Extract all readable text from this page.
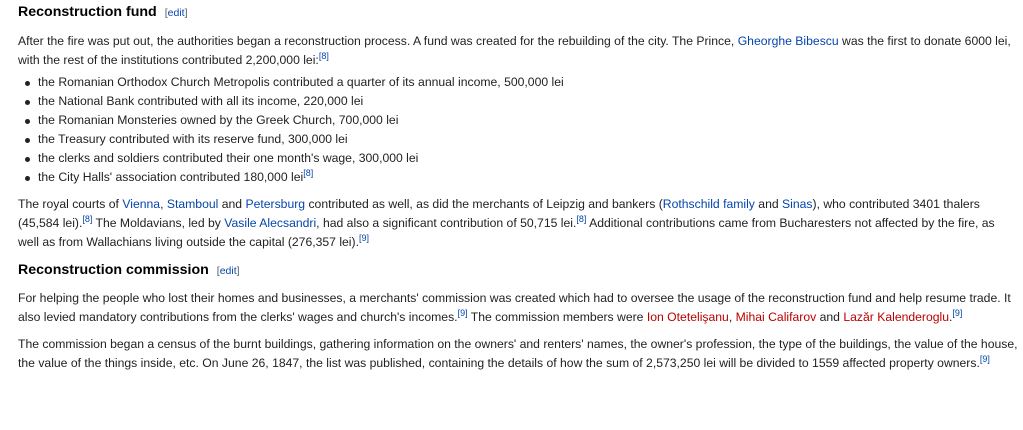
Reconstruction fund [edit]

After the fire was put out, the authorities began a reconstruction process. A fund was created for the rebuilding of the city. The Prince, Gheorghe Bibescu was the first to donate 6000 lei, with the rest of the institutions contributed 2,200,000 lei:[8]

the Romanian Orthodox Church Metropolis contributed a quarter of its annual income, 500,000 lei
the National Bank contributed with all its income, 220,000 lei
the Romanian Monsteries owned by the Greek Church, 700,000 lei
the Treasury contributed with its reserve fund, 300,000 lei
the clerks and soldiers contributed their one month's wage, 300,000 lei
the City Halls' association contributed 180,000 lei[8]

The royal courts of Vienna, Stamboul and Petersburg contributed as well, as did the merchants of Leipzig and bankers (Rothschild family and Sinas), who contributed 3401 thalers (45,584 lei).[8] The Moldavians, led by Vasile Alecsandri, had also a significant contribution of 50,715 lei.[8] Additional contributions came from Bucharesters not affected by the fire, as well as from Wallachians living outside the capital (276,357 lei).[9]

Reconstruction commission [edit]

For helping the people who lost their homes and businesses, a merchants' commission was created which had to oversee the usage of the reconstruction fund and help resume trade. It also levied mandatory contributions from the clerks' wages and church's incomes.[9] The commission members were Ion Otetelişanu, Mihai Califarov and Lazăr Kalenderoglu.[9]

The commission began a census of the burnt buildings, gathering information on the owners' and renters' names, the owner's profession, the type of the buildings, the value of the house, the value of the things inside, etc. On June 26, 1847, the list was published, containing the details of how the sum of 2,573,250 lei will be divided to 1559 affected property owners.[9]
